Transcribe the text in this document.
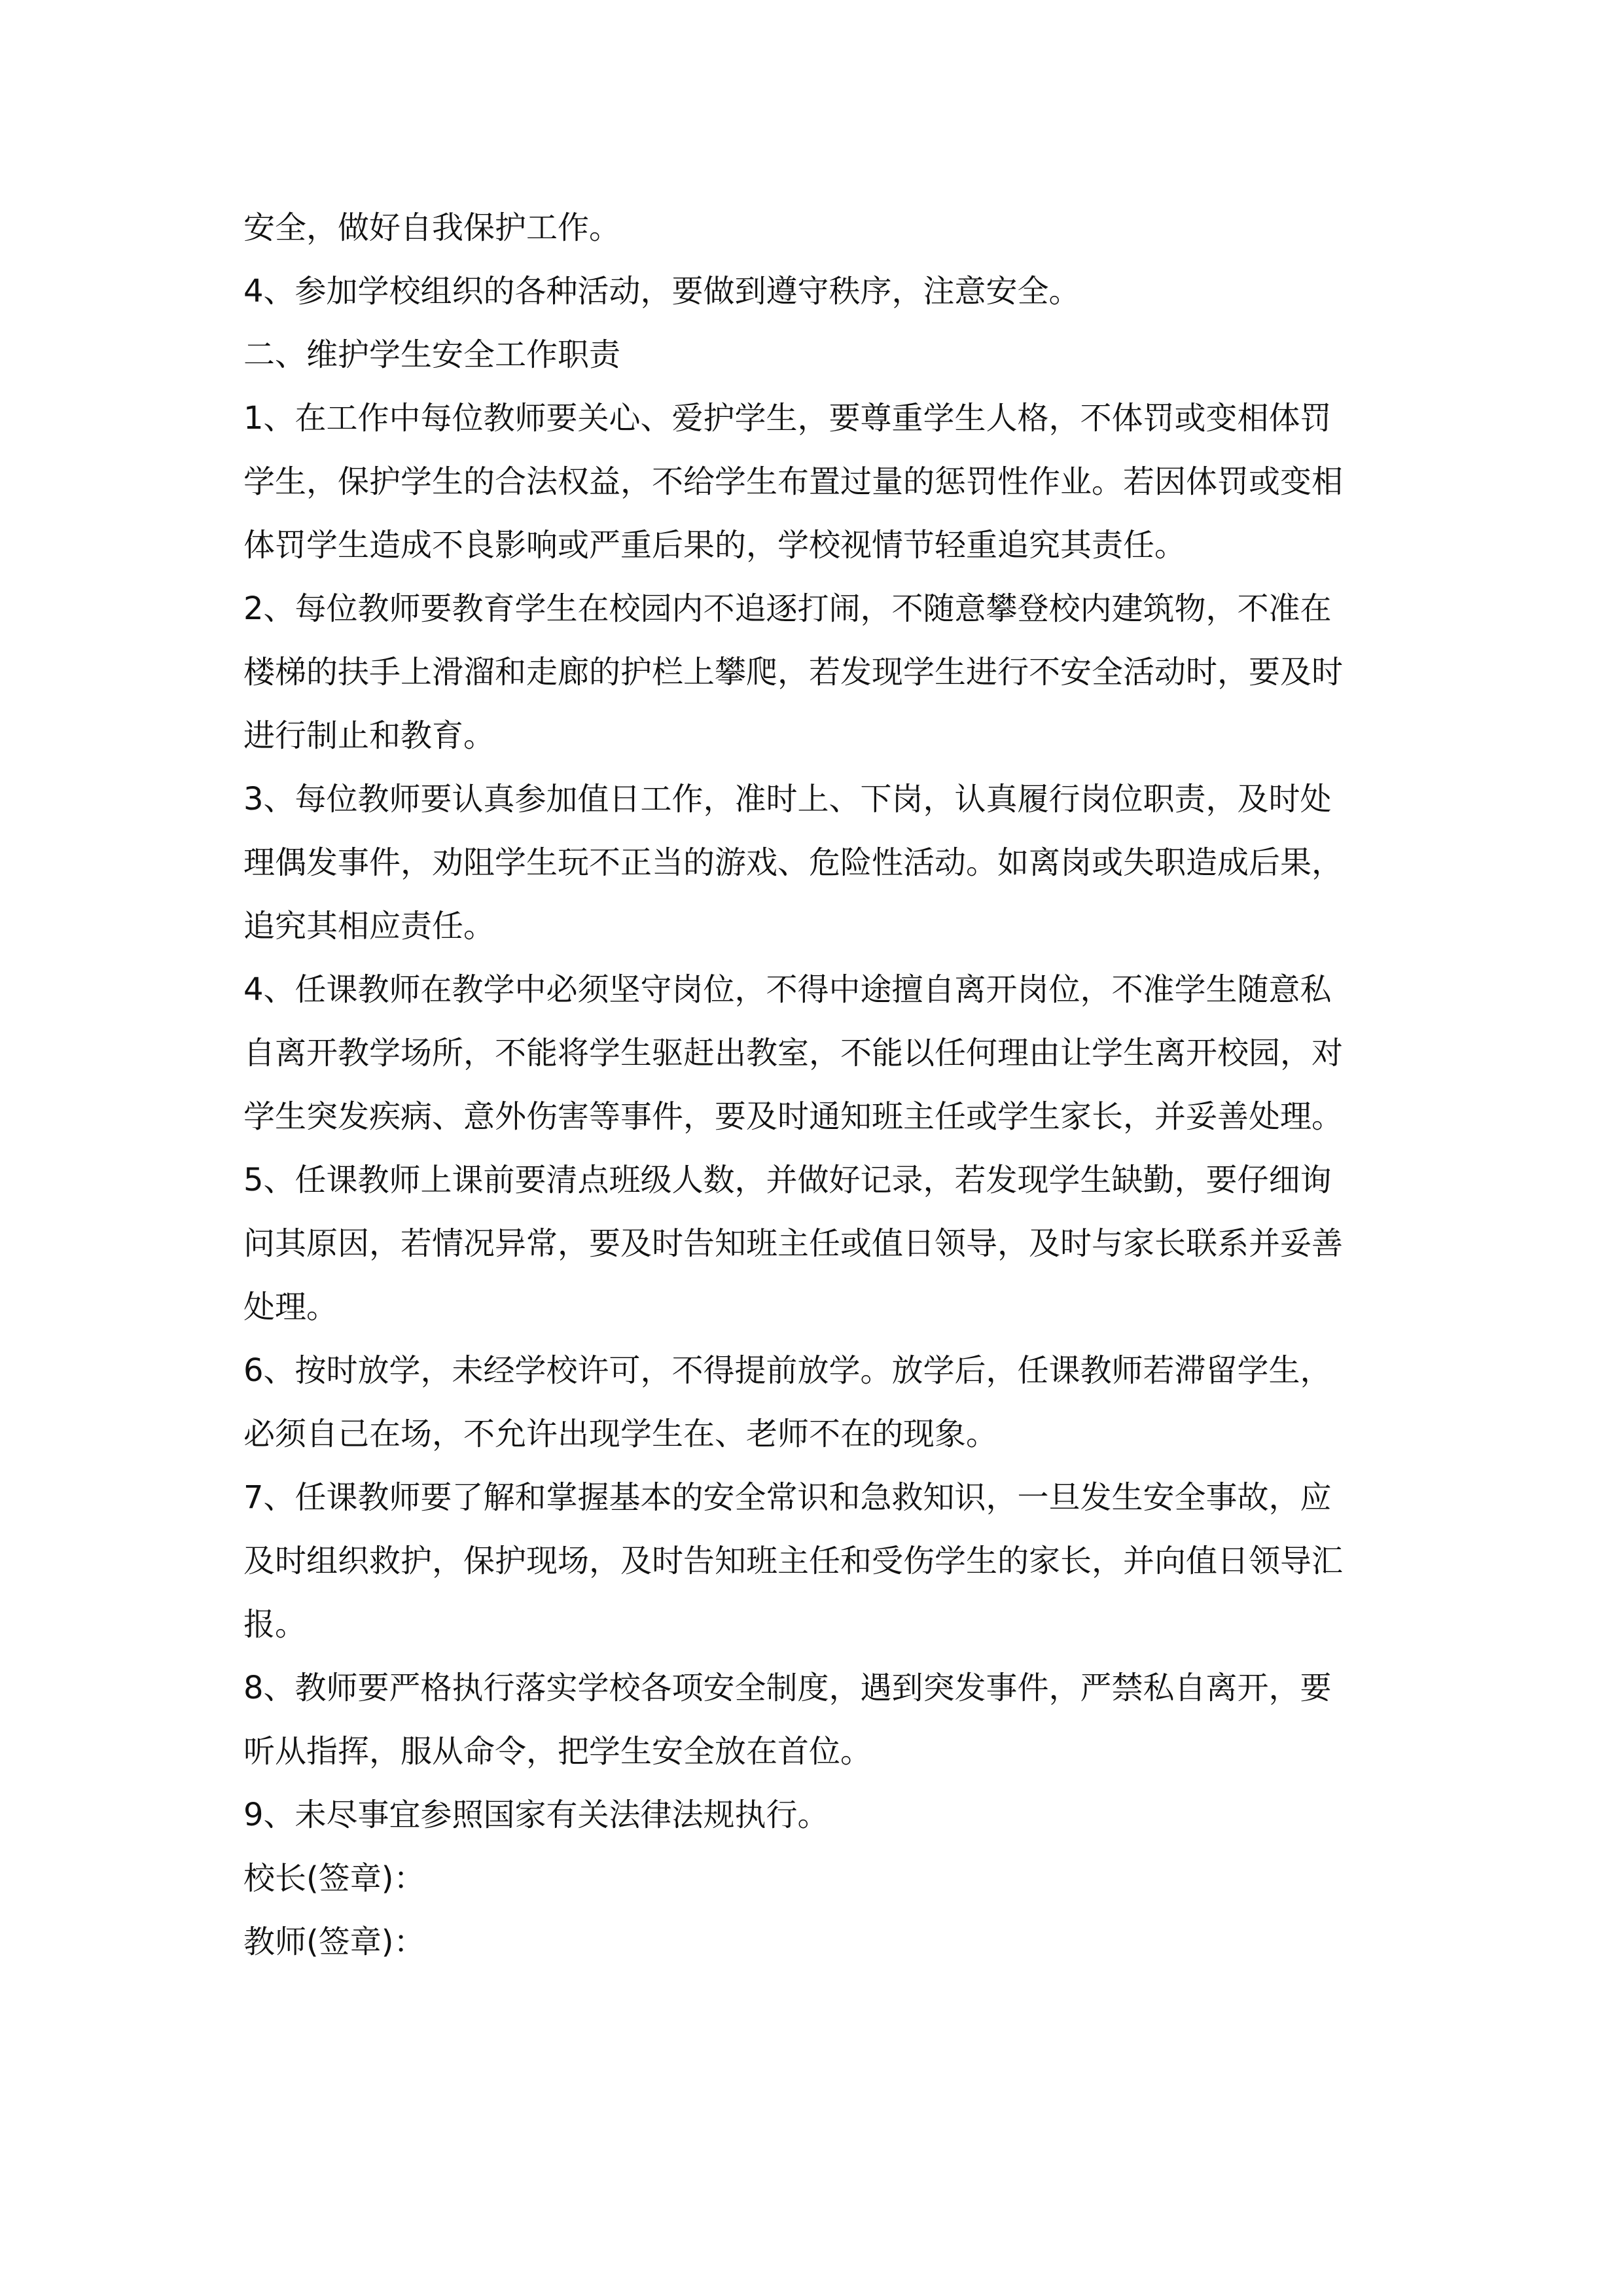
安全，做好自我保护工作。
4、参加学校组织的各种活动，要做到遵守秩序，注意安全。
二、维护学生安全工作职责
1、在工作中每位教师要关心、爱护学生，要尊重学生人格，不体罚或变相体罚
学生，保护学生的合法权益，不给学生布置过量的惩罚性作业。若因体罚或变相
体罚学生造成不良影响或严重后果的，学校视情节轻重追究其责任。
2、每位教师要教育学生在校园内不追逐打闹，不随意攀登校内建筑物，不准在
楼梯的扶手上滑溜和走廊的护栏上攀爬，若发现学生进行不安全活动时，要及时
进行制止和教育。
3、每位教师要认真参加值日工作，准时上、下岗，认真履行岗位职责，及时处
理偶发事件，劝阻学生玩不正当的游戏、危险性活动。如离岗或失职造成后果，
追究其相应责任。
4、任课教师在教学中必须坚守岗位，不得中途擅自离开岗位，不准学生随意私
自离开教学场所，不能将学生驱赶出教室，不能以任何理由让学生离开校园，对
学生突发疾病、意外伤害等事件，要及时通知班主任或学生家长，并妥善处理。
5、任课教师上课前要清点班级人数，并做好记录，若发现学生缺勤，要仔细询
问其原因，若情况异常，要及时告知班主任或值日领导，及时与家长联系并妥善
处理。
6、按时放学，未经学校许可，不得提前放学。放学后，任课教师若滞留学生，
必须自己在场，不允许出现学生在、老师不在的现象。
7、任课教师要了解和掌握基本的安全常识和急救知识，一旦发生安全事故，应
及时组织救护，保护现场，及时告知班主任和受伤学生的家长，并向值日领导汇
报。
8、教师要严格执行落实学校各项安全制度，遇到突发事件，严禁私自离开，要
听从指挥，服从命令，把学生安全放在首位。
9、未尽事宜参照国家有关法律法规执行。
校长(签章)：
教师(签章)：
